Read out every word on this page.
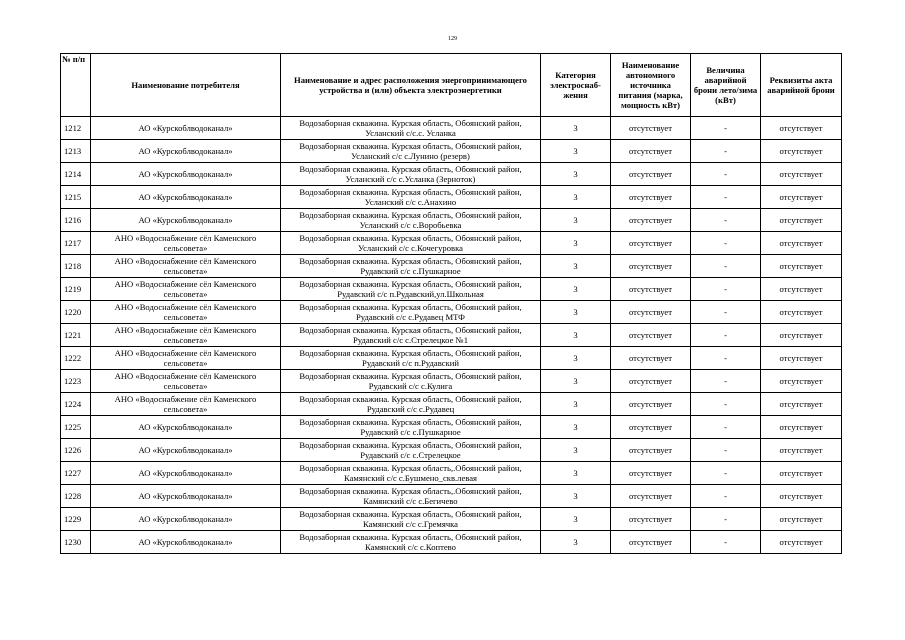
129
№ п/п	Наименование потребителя	Наименование и адрес расположения энергопринимающего устройства и (или) объекта электроэнергетики	Категория электроснаб-жения	Наименование автономного источника питания (марка, мощность кВт)	Величина аварийной брони лето/зима (кВт)	Реквизиты акта аварийной брони
1212	АО «Курскоблводоканал»	Водозаборная скважина. Курская область, Обоянский район, Усланский с/с.с. Усланка	3	отсутствует	-	отсутствует
1213	АО «Курскоблводоканал»	Водозаборная скважина. Курская область, Обоянский район, Усланский с/с с.Лунино (резерв)	3	отсутствует	-	отсутствует
1214	АО «Курскоблводоканал»	Водозаборная скважина. Курская область, Обоянский район, Усланский с/с с.Усланка (Зерноток)	3	отсутствует	-	отсутствует
1215	АО «Курскоблводоканал»	Водозаборная скважина. Курская область, Обоянский район, Усланский с/с с.Анахино	3	отсутствует	-	отсутствует
1216	АО «Курскоблводоканал»	Водозаборная скважина. Курская область, Обоянский район, Усланский с/с с.Воробьевка	3	отсутствует	-	отсутствует
1217	АНО «Водоснабжение сёл Каменского сельсовета»	Водозаборная скважина. Курская область, Обоянский район, Усланский с/с с.Кочегуровка	3	отсутствует	-	отсутствует
1218	АНО «Водоснабжение сёл Каменского сельсовета»	Водозаборная скважина. Курская область, Обоянский район, Рудавский с/с с.Пушкарное	3	отсутствует	-	отсутствует
1219	АНО «Водоснабжение сёл Каменского сельсовета»	Водозаборная скважина. Курская область, Обоянский район, Рудавский с/с п.Рудавский,ул.Школьная	3	отсутствует	-	отсутствует
1220	АНО «Водоснабжение сёл Каменского сельсовета»	Водозаборная скважина. Курская область, Обоянский район, Рудавский с/с с.Рудавец МТФ	3	отсутствует	-	отсутствует
1221	АНО «Водоснабжение сёл Каменского сельсовета»	Водозаборная скважина. Курская область, Обоянский район, Рудавский с/с с.Стрелецкое №1	3	отсутствует	-	отсутствует
1222	АНО «Водоснабжение сёл Каменского сельсовета»	Водозаборная скважина. Курская область, Обоянский район, Рудавский с/с п.Рудавский	3	отсутствует	-	отсутствует
1223	АНО «Водоснабжение сёл Каменского сельсовета»	Водозаборная скважина. Курская область, Обоянский район, Рудавский с/с с.Кулига	3	отсутствует	-	отсутствует
1224	АНО «Водоснабжение сёл Каменского сельсовета»	Водозаборная скважина. Курская область, Обоянский район, Рудавский с/с с.Рудавец	3	отсутствует	-	отсутствует
1225	АО «Курскоблводоканал»	Водозаборная скважина. Курская область, Обоянский район, Рудавский с/с с.Пушкарное	3	отсутствует	-	отсутствует
1226	АО «Курскоблводоканал»	Водозаборная скважина. Курская область, Обоянский район, Рудавский с/с с.Стрелецкое	3	отсутствует	-	отсутствует
1227	АО «Курскоблводоканал»	Водозаборная скважина. Курская область,.Обоянский район, Камянский с/с с.Бушмено_скв.левая	3	отсутствует	-	отсутствует
1228	АО «Курскоблводоканал»	Водозаборная скважина. Курская область,.Обоянский район, Камянский с/с с.Бегичево	3	отсутствует	-	отсутствует
1229	АО «Курскоблводоканал»	Водозаборная скважина. Курская область, Обоянский район, Камянский с/с с.Гремячка	3	отсутствует	-	отсутствует
1230	АО «Курскоблводоканал»	Водозаборная скважина. Курская область, Обоянский район, Камянский с/с с.Коптево	3	отсутствует	-	отсутствует
